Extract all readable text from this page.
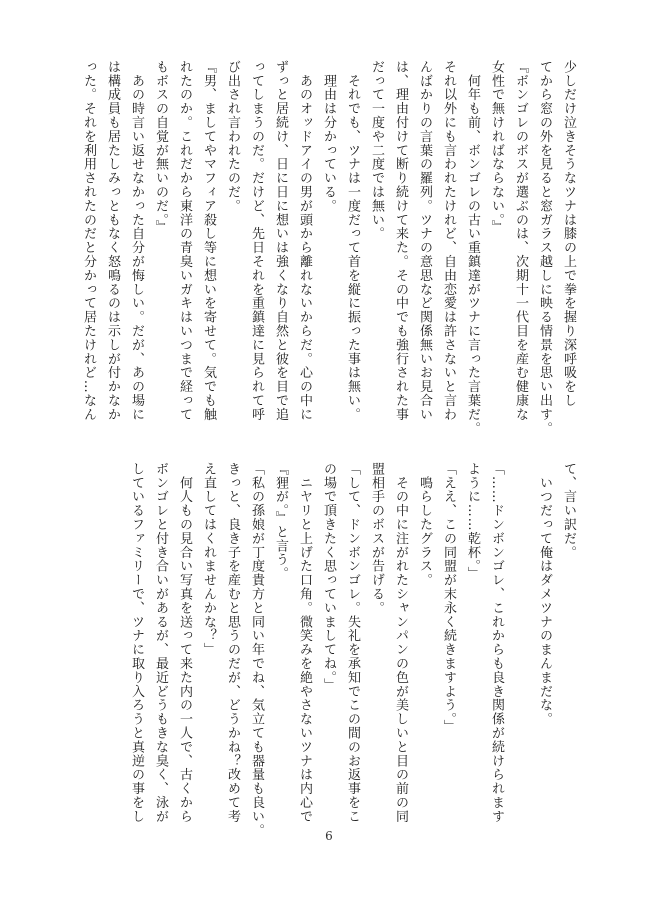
少しだけ泣きそうなツナは膝の上で拳を握り深呼吸をし
てから窓の外を見ると窓ガラス越しに映る情景を思い出す。
『ボンゴレのボスが選ぶのは、次期十一代目を産む健康な
女性で無ければならない。』
　何年も前、ボンゴレの古い重鎮達がツナに言った言葉だ。
それ以外にも言われたけれど、自由恋愛は許さないと言わ
んばかりの言葉の羅列。ツナの意思など関係無いお見合い
は、理由付けて断り続けて来た。その中でも強行された事
だって一度や二度では無い。
　それでも、ツナは一度だって首を縦に振った事は無い。
　理由は分かっている。
　あのオッドアイの男が頭から離れないからだ。心の中に
ずっと居続け、日に日に想いは強くなり自然と彼を目で追
ってしまうのだ。だけど、先日それを重鎮達に見られて呼
び出され言われたのだ。
『男、ましてやマフィア殺し等に想いを寄せて。気でも触
れたのか。これだから東洋の青臭いガキはいつまで経って
もボスの自覚が無いのだ。』
　あの時言い返せなかった自分が悔しい。だが、あの場に
は構成員も居たしみっともなく怒鳴るのは示しが付かなか
った。それを利用されたのだと分かって居たけれど…なん
て、言い訳だ。
　いつだって俺はダメツナのまんまだな。

「……ドンボンゴレ、これからも良き関係が続けられます
ように……乾杯。」
「ええ、この同盟が末永く続きますよう。」
　鳴らしたグラス。
　その中に注がれたシャンパンの色が美しいと目の前の同
盟相手のボスが告げる。
「して、ドンボンゴレ。失礼を承知でこの間のお返事をこ
の場で頂きたく思っていましてね。」
　ニヤリと上げた口角。微笑みを絶やさないツナは内心で
『狸が。』と言う。
「私の孫娘が丁度貴方と同い年でね、気立ても器量も良い。
きっと、良き子を産むと思うのだが、どうかね？改めて考
え直してはくれませんかな？」
　何人もの見合い写真を送って来た内の一人で、古くから
ボンゴレと付き合いがあるが、最近どうもきな臭く、泳が
しているファミリーで、ツナに取り入ろうと真逆の事をし
6
